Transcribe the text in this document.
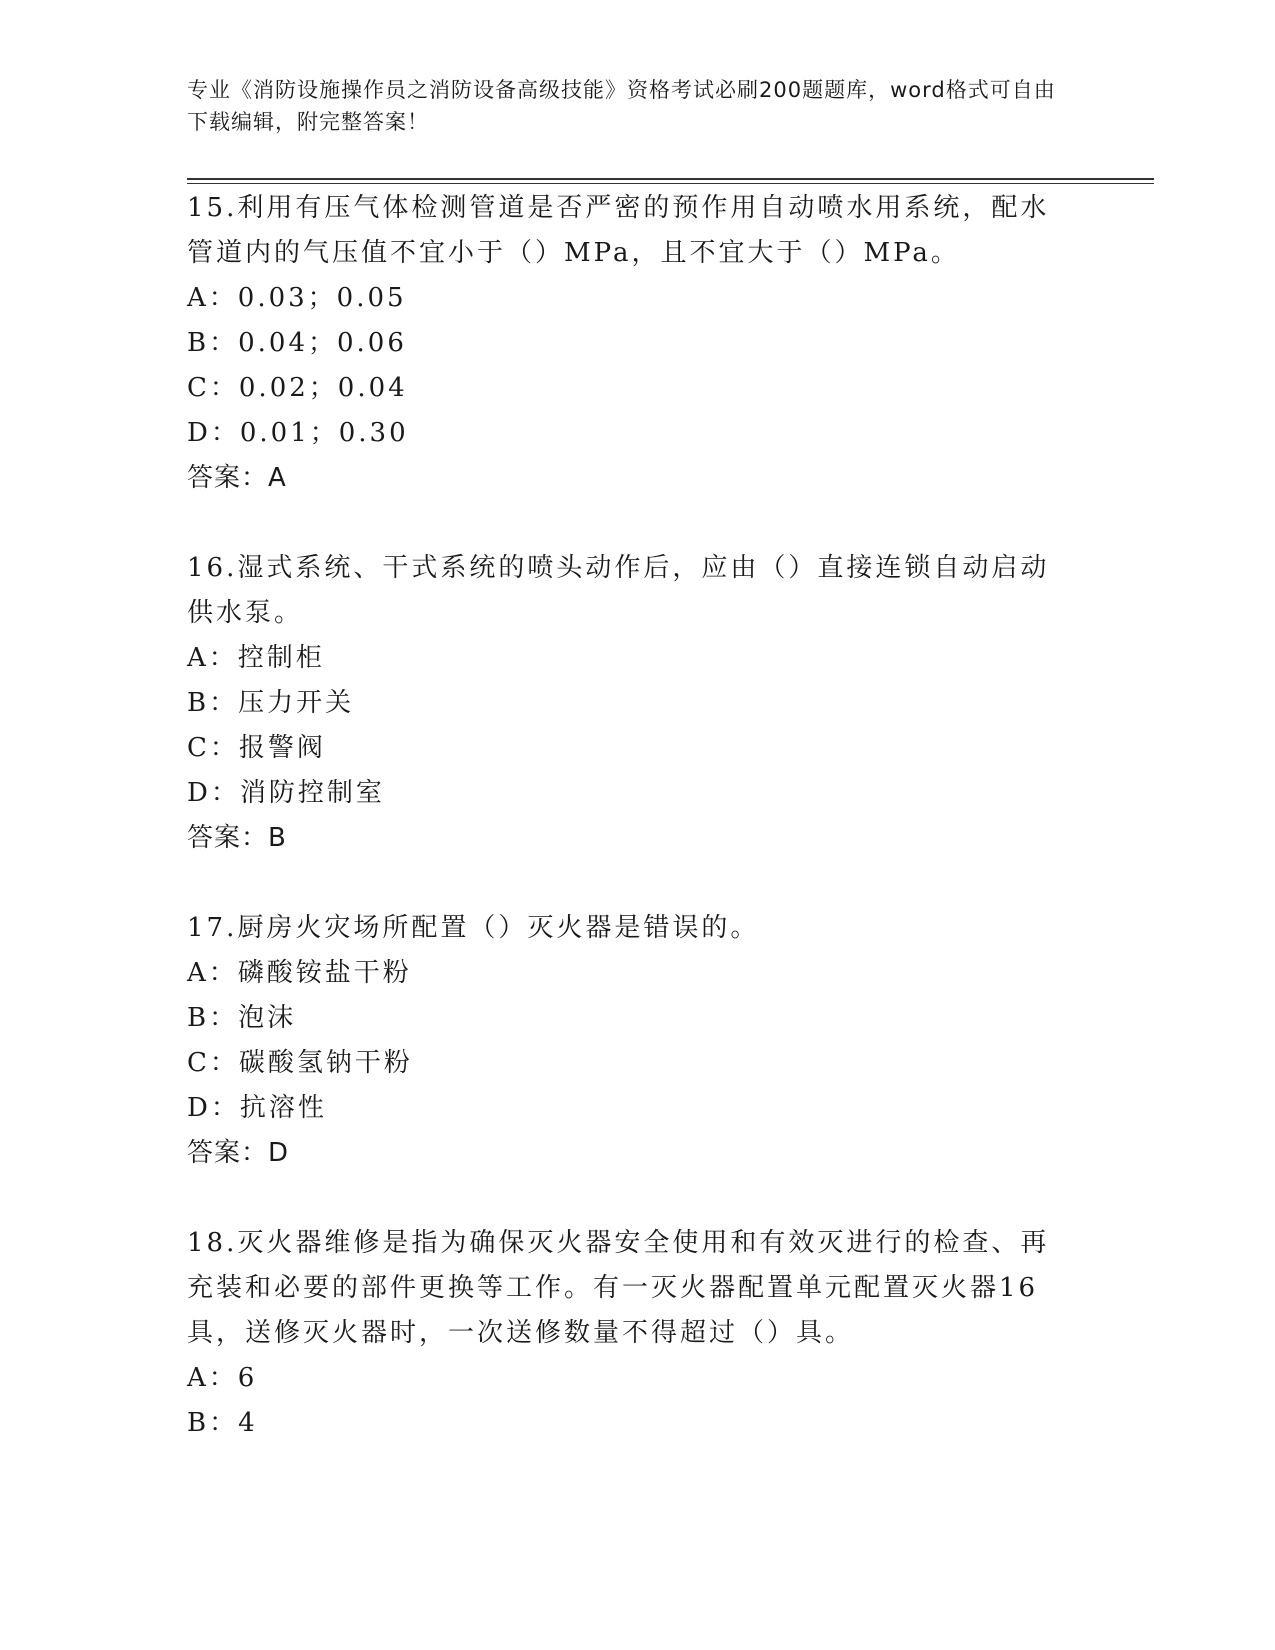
专业《消防设施操作员之消防设备高级技能》资格考试必刷200题题库，word格式可自由下载编辑，附完整答案！

15.利用有压气体检测管道是否严密的预作用自动喷水用系统，配水管道内的气压值不宜小于（）MPa，且不宜大于（）MPa。

A：0.03；0.05

B：0.04；0.06

C：0.02；0.04

D：0.01；0.30

答案：A

16.湿式系统、干式系统的喷头动作后，应由（）直接连锁自动启动供水泵。

A：控制柜

B：压力开关

C：报警阀

D：消防控制室

答案：B

17.厨房火灾场所配置（）灭火器是错误的。

A：磷酸铵盐干粉

B：泡沫

C：碳酸氢钠干粉

D：抗溶性

答案：D

18.灭火器维修是指为确保灭火器安全使用和有效灭进行的检查、再充装和必要的部件更换等工作。有一灭火器配置单元配置灭火器16具，送修灭火器时，一次送修数量不得超过（）具。

A：6

B：4
